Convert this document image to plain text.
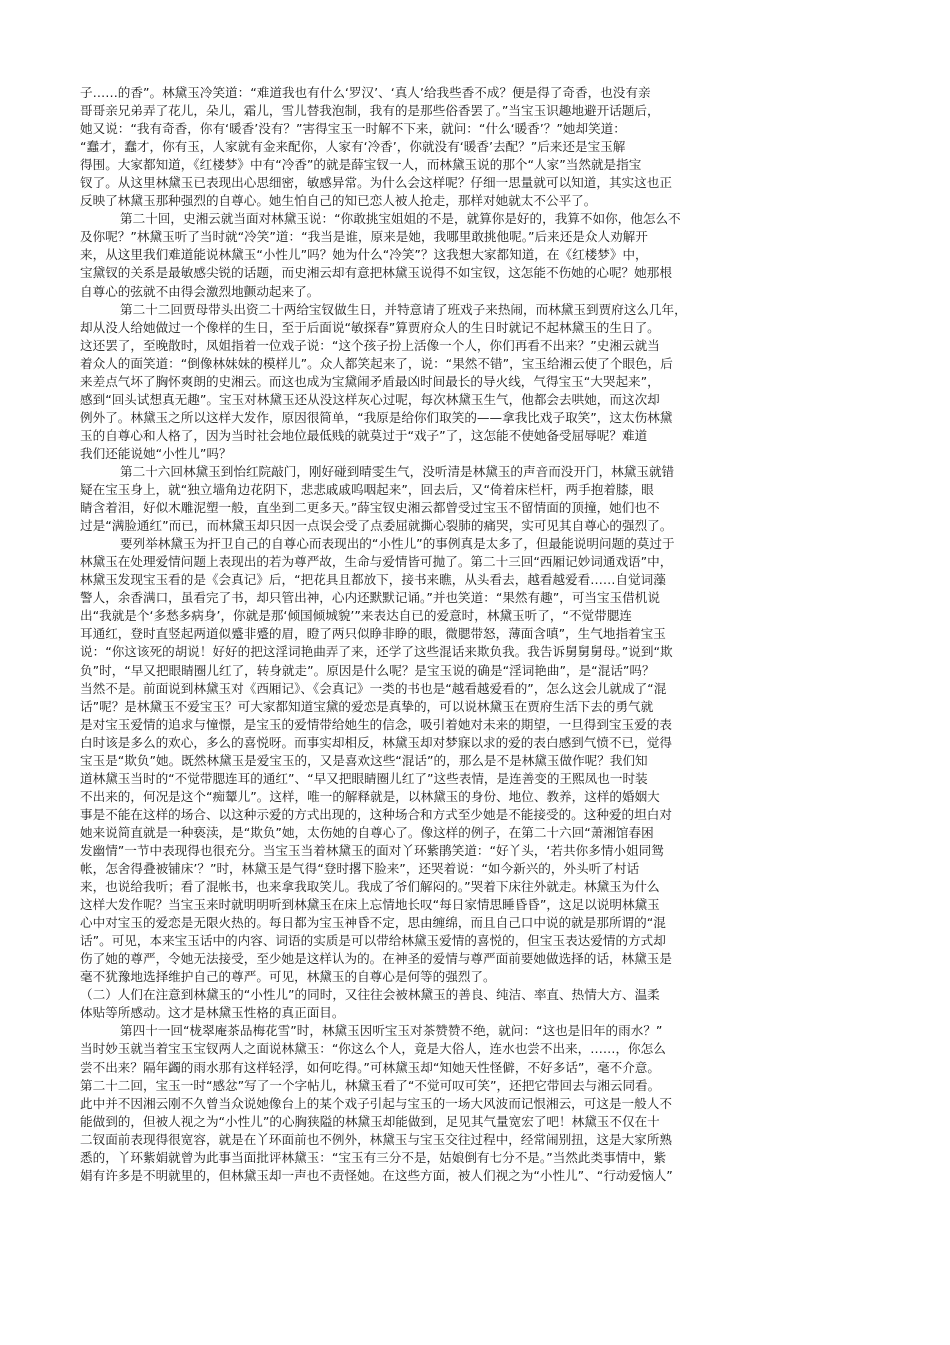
子……的香”。林黛玉冷笑道：“难道我也有什么‘罗汉’、‘真人’给我些香不成？便是得了奇香，也没有亲
哥哥亲兄弟弄了花儿，朵儿，霜儿，雪儿替我泡制，我有的是那些俗香罢了。”当宝玉识趣地避开话题后，
她又说：“我有奇香，你有‘暖香’没有？”害得宝玉一时解不下来，就问：“什么‘暖香’？”她却笑道：
“蠢才，蠢才，你有玉，人家就有金来配你，人家有‘冷香’，你就没有‘暖香’去配？”后来还是宝玉解
得围。大家都知道，《红楼梦》中有“冷香”的就是薛宝钗一人，而林黛玉说的那个“人家”当然就是指宝
钗了。从这里林黛玉已表现出心思细密，敏感异常。为什么会这样呢？仔细一思量就可以知道，其实这也正
反映了林黛玉那种强烈的自尊心。她生怕自己的知已恋人被人抢走，那样对她就太不公平了。
第二十回，史湘云就当面对林黛玉说：“你敢挑宝姐姐的不是，就算你是好的，我算不如你，他怎么不
及你呢？”林黛玉听了当时就“冷笑”道：“我当是谁，原来是她，我哪里敢挑他呢。”后来还是众人劝解开
来，从这里我们难道能说林黛玉“小性儿”吗？她为什么“冷笑”？这我想大家都知道，在《红楼梦》中，
宝黛钗的关系是最敏感尖锐的话题，而史湘云却有意把林黛玉说得不如宝钗，这怎能不伤她的心呢？她那根
自尊心的弦就不由得会激烈地颤动起来了。
第二十二回贾母带头出资二十两给宝钗做生日，并特意请了班戏子来热闹，而林黛玉到贾府这么几年，
却从没人给她做过一个像样的生日，至于后面说“敏探春”算贾府众人的生日时就记不起林黛玉的生日了。
这还罢了，至晚散时，凤姐指着一位戏子说：“这个孩子扮上活像一个人，你们再看不出来？”史湘云就当
着众人的面笑道：“倒像林妹妹的模样儿”。众人都笑起来了，说：“果然不错”，宝玉给湘云使了个眼色，后
来差点气坏了胸怀爽朗的史湘云。而这也成为宝黛闹矛盾最凶时间最长的导火线，气得宝玉“大哭起来”，
感到“回头试想真无趣”。宝玉对林黛玉还从没这样灰心过呢，每次林黛玉生气，他都会去哄她，而这次却
例外了。林黛玉之所以这样大发作，原因很简单，“我原是给你们取笑的——拿我比戏子取笑”，这太伤林黛
玉的自尊心和人格了，因为当时社会地位最低贱的就莫过于“戏子”了，这怎能不使她备受屈辱呢？难道
我们还能说她“小性儿”吗？
第二十六回林黛玉到怡红院敲门，刚好碰到晴雯生气，没听清是林黛玉的声音而没开门，林黛玉就错
疑在宝玉身上，就“独立墙角边花阴下，悲悲戚戚呜咽起来”，回去后，又“倚着床栏杆，两手抱着膝，眼
睛含着泪，好似木雕泥塑一般，直坐到二更多天。”薛宝钗史湘云都曾受过宝玉不留情面的顶撞，她们也不
过是“满脸通红”而已，而林黛玉却只因一点误会受了点委屈就撕心裂肺的痛哭，实可见其自尊心的强烈了。
要列举林黛玉为扞卫自己的自尊心而表现出的“小性儿”的事例真是太多了，但最能说明问题的莫过于
林黛玉在处理爱情问题上表现出的若为尊严故，生命与爱情皆可抛了。第二十三回“西厢记妙词通戏语”中，
林黛玉发现宝玉看的是《会真记》后，“把花具且都放下，接书来瞧，从头看去，越看越爱看……自觉词藻
警人，余香满口，虽看完了书，却只管出神，心内还默默记诵。”并也笑道：“果然有趣”，可当宝玉借机说
出“我就是个‘多愁多病身’，你就是那‘倾国倾城貌’”来表达自已的爱意时，林黛玉听了，“不觉带腮连
耳通红，登时直竖起两道似蹙非蹙的眉，瞪了两只似睁非睁的眼，微腮带怒，薄面含嗔”，生气地指着宝玉
说：“你这该死的胡说！好好的把这淫词艳曲弄了来，还学了这些混话来欺负我。我告诉舅舅舅母。”说到“欺
负”时，“早又把眼睛圈儿红了，转身就走”。原因是什么呢？是宝玉说的确是“淫词艳曲”，是“混话”吗？
当然不是。前面说到林黛玉对《西厢记》、《会真记》一类的书也是“越看越爱看的”，怎么这会儿就成了“混
话”呢？是林黛玉不爱宝玉？可大家都知道宝黛的爱恋是真挚的，可以说林黛玉在贾府生活下去的勇气就
是对宝玉爱情的追求与憧憬，是宝玉的爱情带给她生的信念，吸引着她对未来的期望，一旦得到宝玉爱的表
白时该是多么的欢心，多么的喜悦呀。而事实却相反，林黛玉却对梦寐以求的爱的表白感到气愤不已，觉得
宝玉是“欺负”她。既然林黛玉是爱宝玉的，又是喜欢这些“混话”的，那么是不是林黛玉做作呢？我们知
道林黛玉当时的“不觉带腮连耳的通红”、“早又把眼睛圈儿红了”这些表情，是连善变的王熙凤也一时装
不出来的，何况是这个“痴颦儿”。这样，唯一的解释就是，以林黛玉的身份、地位、教养，这样的婚姻大
事是不能在这样的场合、以这种示爱的方式出现的，这种场合和方式至少她是不能接受的。这种爱的坦白对
她来说简直就是一种亵渎，是“欺负”她，太伤她的自尊心了。像这样的例子，在第二十六回“萧湘馆春困
发幽情”一节中表现得也很充分。当宝玉当着林黛玉的面对丫环紫鹃笑道：“好丫头，‘若共你多情小姐同鸳
帐，怎舍得叠被铺床’？”时，林黛玉是气得“登时撂下脸来”，还哭着说：“如今新兴的，外头听了村话
来，也说给我听；看了混帐书，也来拿我取笑儿。我成了爷们解闷的。”哭着下床往外就走。林黛玉为什么
这样大发作呢？当宝玉来时就明明听到林黛玉在床上忘情地长叹“每日家情思睡昏昏”，这足以说明林黛玉
心中对宝玉的爱恋是无限火热的。每日都为宝玉神昏不定，思由缠绵，而且自己口中说的就是那所谓的“混
话”。可见，本来宝玉话中的内容、词语的实质是可以带给林黛玉爱情的喜悦的，但宝玉表达爱情的方式却
伤了她的尊严，令她无法接受，至少她是这样认为的。在神圣的爱情与尊严面前要她做选择的话，林黛玉是
毫不犹豫地选择维护自己的尊严。可见，林黛玉的自尊心是何等的强烈了。
（二）人们在注意到林黛玉的“小性儿”的同时，又往往会被林黛玉的善良、纯洁、率直、热情大方、温柔
体贴等所感动。这才是林黛玉性格的真正面目。
第四十一回“栊翠庵茶品梅花雪”时，林黛玉因听宝玉对茶赞赞不绝，就问：“这也是旧年的雨水？”
当时妙玉就当着宝玉宝钗两人之面说林黛玉：“你这么个人，竟是大俗人，连水也尝不出来，……，你怎么
尝不出来？隔年蠲的雨水那有这样轻浮，如何吃得。”可林黛玉却“知她天性怪僻，不好多话”，毫不介意。
第二十二回，宝玉一时“感忿”写了一个字帖儿，林黛玉看了“不觉可叹可笑”，还把它带回去与湘云同看。
此中并不因湘云刚不久曾当众说她像台上的某个戏子引起与宝玉的一场大风波而记恨湘云，可这是一般人不
能做到的，但被人视之为“小性儿”的心胸狭隘的林黛玉却能做到，足见其气量宽宏了吧！林黛玉不仅在十
二钗面前表现得很宽容，就是在丫环面前也不例外，林黛玉与宝玉交往过程中，经常闹别扭，这是大家所熟
悉的，丫环紫娟就曾为此事当面批评林黛玉：“宝玉有三分不是，姑娘倒有七分不是。”当然此类事情中，紫
娟有许多是不明就里的，但林黛玉却一声也不责怪她。在这些方面，被人们视之为“小性儿”、“行动爱恼人”
